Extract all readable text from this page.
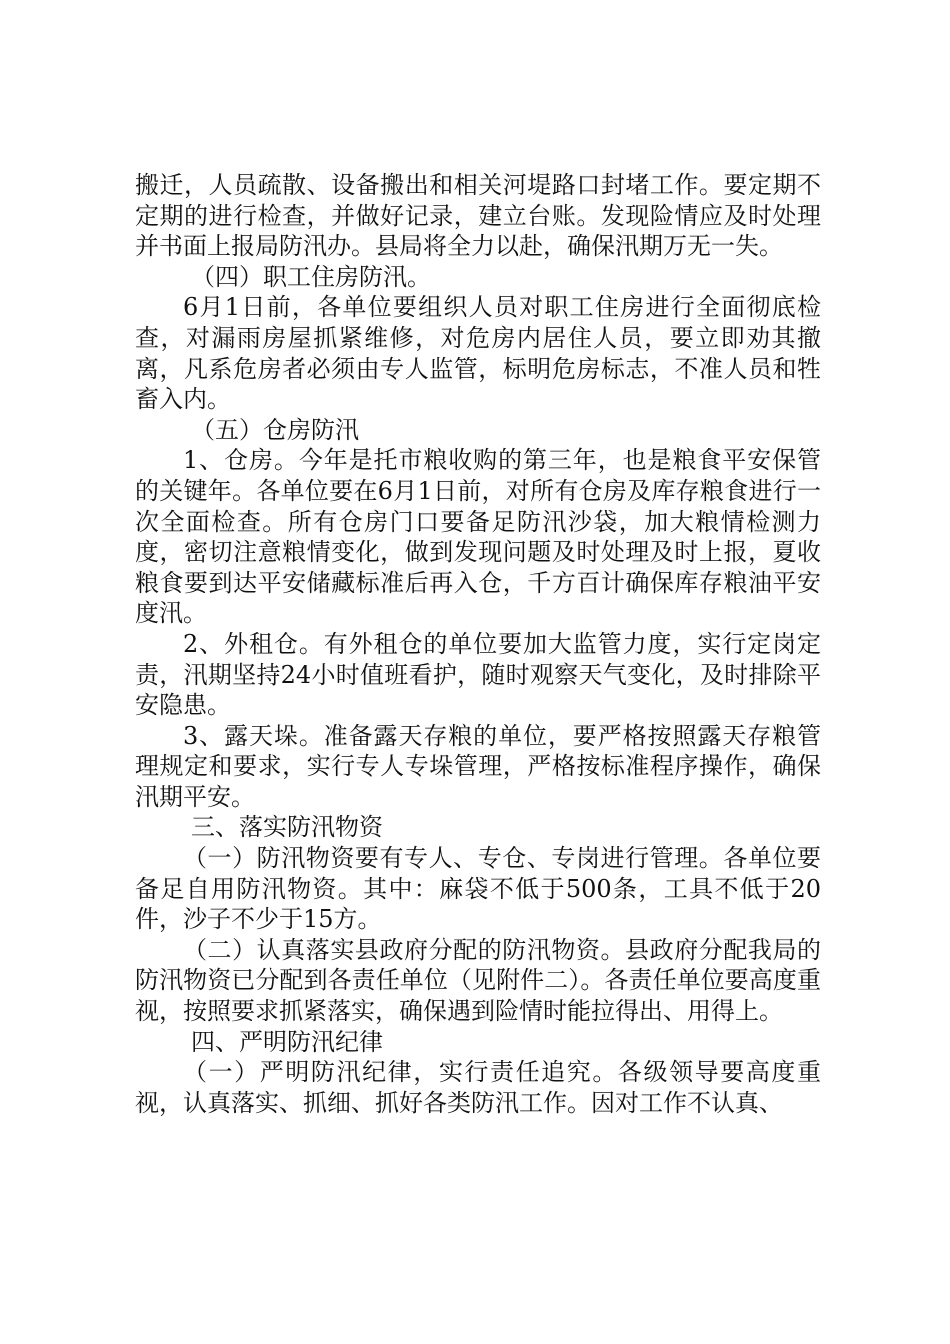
搬迁，人员疏散、设备搬出和相关河堤路口封堵工作。要定期不定期的进行检查，并做好记录，建立台账。发现险情应及时处理并书面上报局防汛办。县局将全力以赴，确保汛期万无一失。

（四）职工住房防汛。

6月1日前，各单位要组织人员对职工住房进行全面彻底检查，对漏雨房屋抓紧维修，对危房内居住人员，要立即劝其撤离，凡系危房者必须由专人监管，标明危房标志，不准人员和牲畜入内。

（五）仓房防汛

1、仓房。今年是托市粮收购的第三年，也是粮食平安保管的关键年。各单位要在6月1日前，对所有仓房及库存粮食进行一次全面检查。所有仓房门口要备足防汛沙袋，加大粮情检测力度，密切注意粮情变化，做到发现问题及时处理及时上报，夏收粮食要到达平安储藏标准后再入仓，千方百计确保库存粮油平安度汛。

2、外租仓。有外租仓的单位要加大监管力度，实行定岗定责，汛期坚持24小时值班看护，随时观察天气变化，及时排除平安隐患。

3、露天垛。准备露天存粮的单位，要严格按照露天存粮管理规定和要求，实行专人专垛管理，严格按标准程序操作，确保汛期平安。

三、落实防汛物资

（一）防汛物资要有专人、专仓、专岗进行管理。各单位要备足自用防汛物资。其中：麻袋不低于500条，工具不低于20件，沙子不少于15方。

（二）认真落实县政府分配的防汛物资。县政府分配我局的防汛物资已分配到各责任单位（见附件二）。各责任单位要高度重视，按照要求抓紧落实，确保遇到险情时能拉得出、用得上。

四、严明防汛纪律

（一）严明防汛纪律，实行责任追究。各级领导要高度重视，认真落实、抓细、抓好各类防汛工作。因对工作不认真、
